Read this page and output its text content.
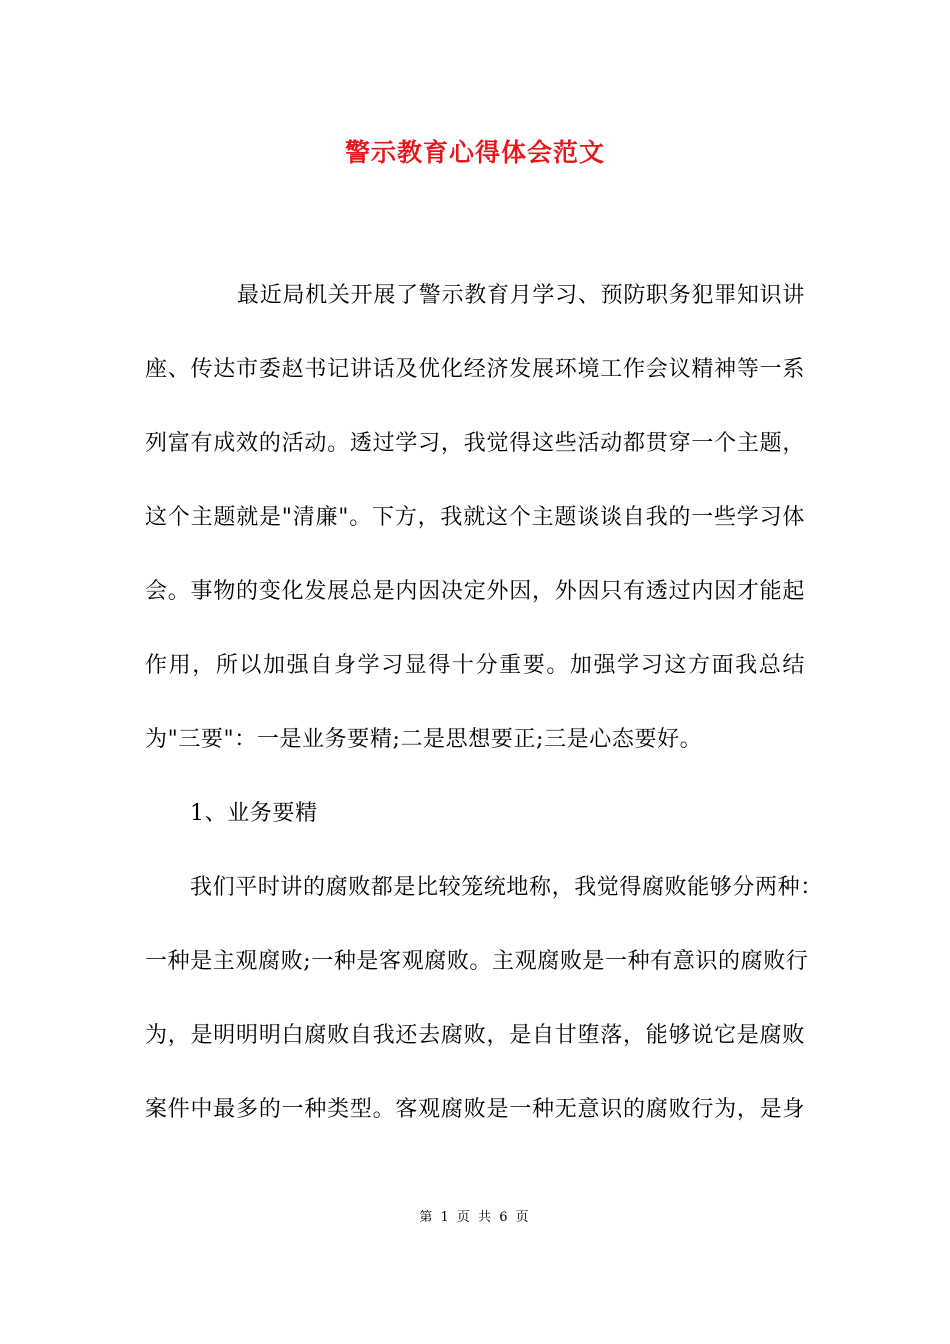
警示教育心得体会范文
最近局机关开展了警示教育月学习、预防职务犯罪知识讲
座、传达市委赵书记讲话及优化经济发展环境工作会议精神等一系
列富有成效的活动。透过学习，我觉得这些活动都贯穿一个主题，
这个主题就是"清廉"。下方，我就这个主题谈谈自我的一些学习体
会。事物的变化发展总是内因决定外因，外因只有透过内因才能起
作用，所以加强自身学习显得十分重要。加强学习这方面我总结
为"三要"：一是业务要精;二是思想要正;三是心态要好。
1、业务要精
我们平时讲的腐败都是比较笼统地称，我觉得腐败能够分两种：
一种是主观腐败;一种是客观腐败。主观腐败是一种有意识的腐败行
为，是明明明白腐败自我还去腐败，是自甘堕落，能够说它是腐败
案件中最多的一种类型。客观腐败是一种无意识的腐败行为，是身
第 1 页 共 6 页
